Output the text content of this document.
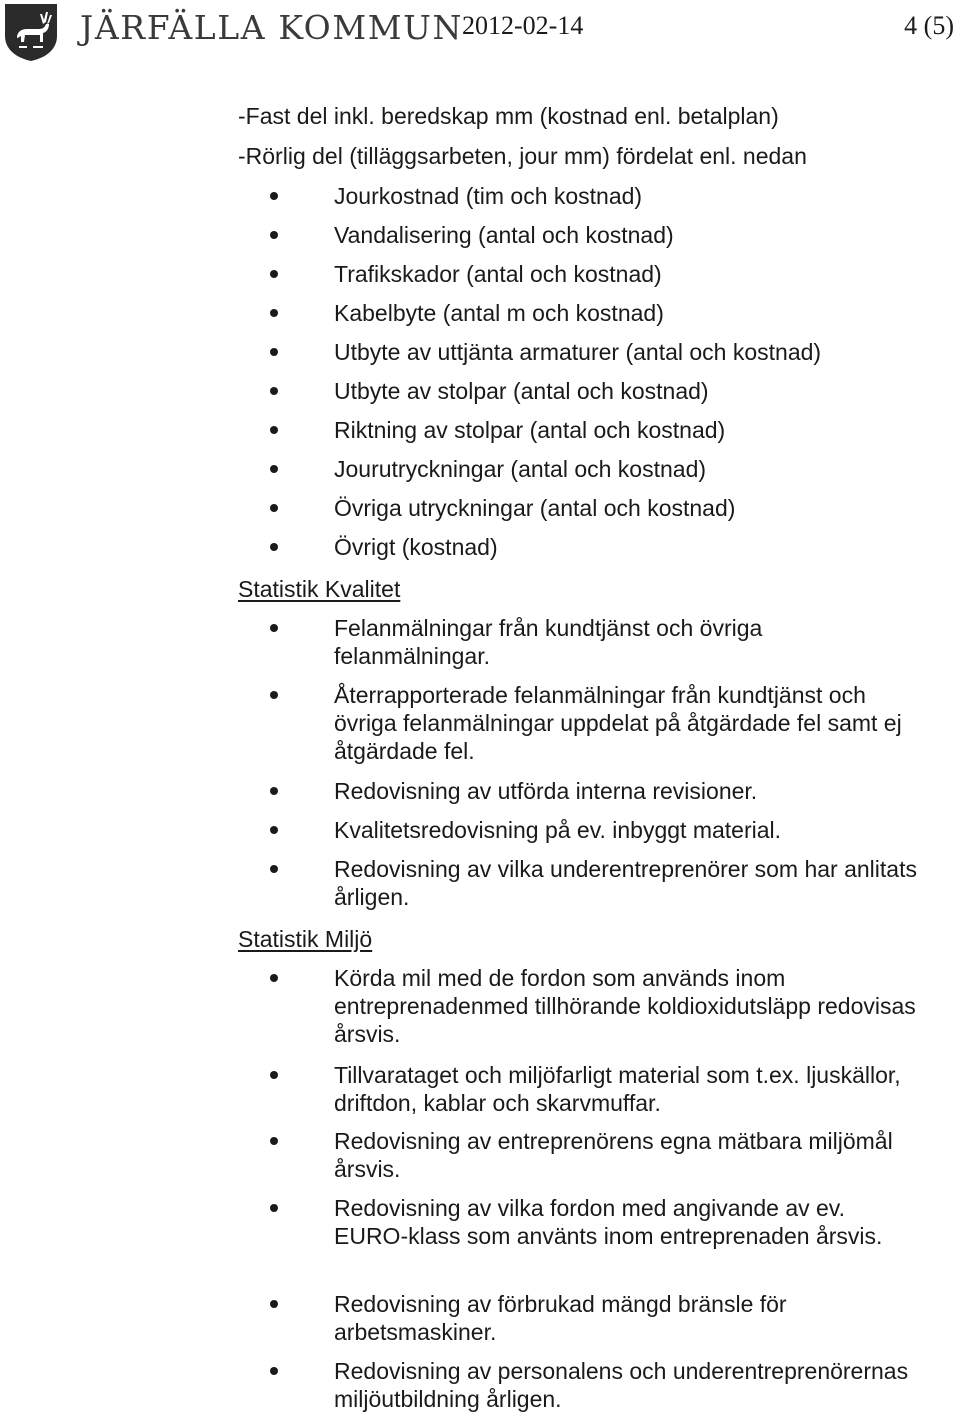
JÄRFÄLLA KOMMUN
2012-02-14	4 (5)
-Fast del inkl. beredskap mm (kostnad enl. betalplan)
-Rörlig del (tilläggsarbeten, jour mm) fördelat enl. nedan
Jourkostnad (tim och kostnad)
Vandalisering (antal och kostnad)
Trafikskador (antal och kostnad)
Kabelbyte (antal m och kostnad)
Utbyte av uttjänta armaturer (antal och kostnad)
Utbyte av stolpar (antal och kostnad)
Riktning av stolpar (antal och kostnad)
Jourutryckningar (antal och kostnad)
Övriga utryckningar (antal och kostnad)
Övrigt (kostnad)
Statistik Kvalitet
Felanmälningar från kundtjänst och övriga felanmälningar.
Återrapporterade felanmälningar från kundtjänst och övriga felanmälningar uppdelat på åtgärdade fel samt ej åtgärdade fel.
Redovisning av utförda interna revisioner.
Kvalitetsredovisning på ev. inbyggt material.
Redovisning av vilka underentreprenörer som har anlitats årligen.
Statistik Miljö
Körda mil med de fordon som används inom entreprenadenmed tillhörande koldioxidutsläpp redovisas årsvis.
Tillvarataget och miljöfarligt material som t.ex. ljuskällor, driftdon, kablar och skarvmuffar.
Redovisning av entreprenörens egna mätbara miljömål årsvis.
Redovisning av vilka fordon med angivande av ev. EURO-klass som använts inom entreprenaden årsvis.
Redovisning av förbrukad mängd bränsle för arbetsmaskiner.
Redovisning av personalens och underentreprenörernas miljöutbildning årligen.
